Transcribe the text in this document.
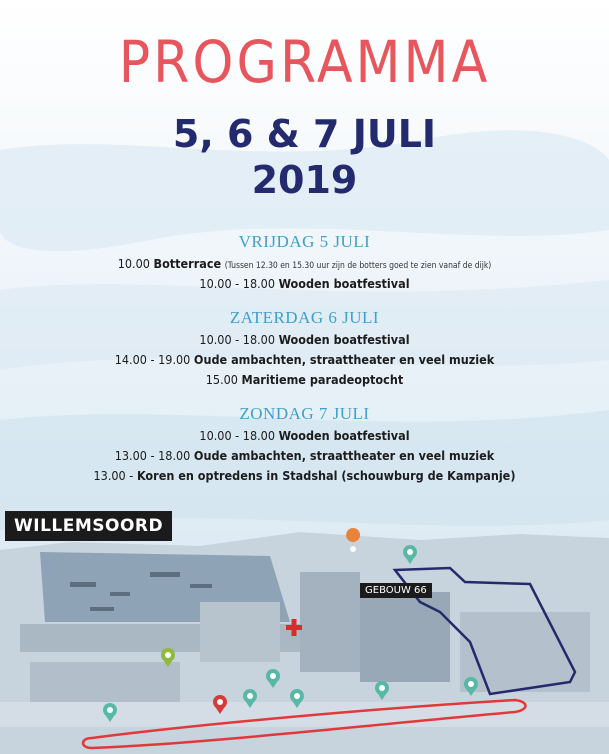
PROGRAMMA
5, 6 & 7 JULI
2019
VRIJDAG 5 JULI
10.00 Botterrace (Tussen 12.30 en 15.30 uur zijn de botters goed te zien vanaf de dijk)
10.00 - 18.00 Wooden boatfestival
ZATERDAG 6 JULI
10.00 - 18.00 Wooden boatfestival
14.00 - 19.00 Oude ambachten, straattheater en veel muziek
15.00 Maritieme paradeoptocht
ZONDAG 7 JULI
10.00 - 18.00 Wooden boatfestival
13.00 - 18.00 Oude ambachten, straattheater en veel muziek
13.00 - Koren en optredens in Stadshal (schouwburg de Kampanje)
WILLEMSOORD
GEBOUW 66
